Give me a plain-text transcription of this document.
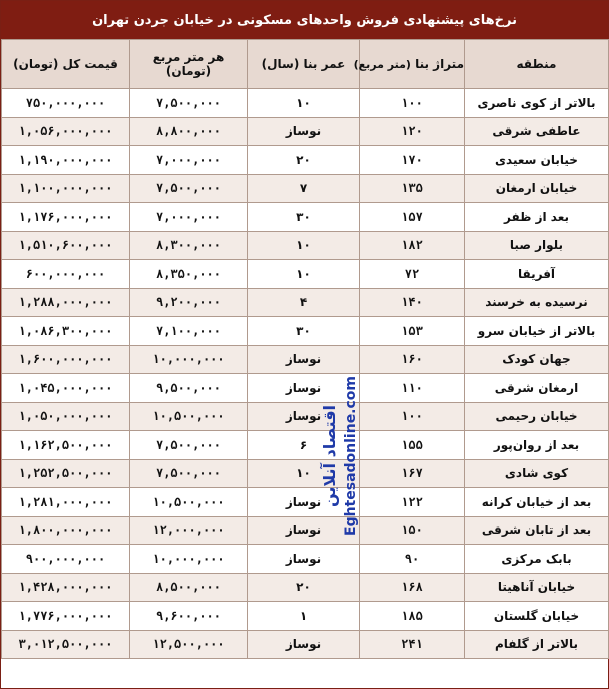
نرخ‌های پیشنهادی فروش واحدهای مسکونی در خیابان جردن تهران
منطقه	متراژ بنا (متر مربع)	عمر بنا (سال)	هر متر مربع
(تومان)	قیمت کل (تومان)
بالاتر از کوی ناصری	۱۰۰	۱۰	۷,۵۰۰,۰۰۰	۷۵۰,۰۰۰,۰۰۰
عاطفی شرقی	۱۲۰	نوساز	۸,۸۰۰,۰۰۰	۱,۰۵۶,۰۰۰,۰۰۰
خیابان سعیدی	۱۷۰	۲۰	۷,۰۰۰,۰۰۰	۱,۱۹۰,۰۰۰,۰۰۰
خیابان ارمغان	۱۳۵	۷	۷,۵۰۰,۰۰۰	۱,۱۰۰,۰۰۰,۰۰۰
بعد از ظفر	۱۵۷	۳۰	۷,۰۰۰,۰۰۰	۱,۱۷۶,۰۰۰,۰۰۰
بلوار صبا	۱۸۲	۱۰	۸,۳۰۰,۰۰۰	۱,۵۱۰,۶۰۰,۰۰۰
آفریقا	۷۲	۱۰	۸,۳۵۰,۰۰۰	۶۰۰,۰۰۰,۰۰۰
نرسیده به خرسند	۱۴۰	۴	۹,۲۰۰,۰۰۰	۱,۲۸۸,۰۰۰,۰۰۰
بالاتر از خیابان سرو	۱۵۳	۳۰	۷,۱۰۰,۰۰۰	۱,۰۸۶,۳۰۰,۰۰۰
جهان کودک	۱۶۰	نوساز	۱۰,۰۰۰,۰۰۰	۱,۶۰۰,۰۰۰,۰۰۰
ارمغان شرقی	۱۱۰	نوساز	۹,۵۰۰,۰۰۰	۱,۰۴۵,۰۰۰,۰۰۰
خیابان رحیمی	۱۰۰	نوساز	۱۰,۵۰۰,۰۰۰	۱,۰۵۰,۰۰۰,۰۰۰
بعد از روان‌پور	۱۵۵	۶	۷,۵۰۰,۰۰۰	۱,۱۶۲,۵۰۰,۰۰۰
کوی شادی	۱۶۷	۱۰	۷,۵۰۰,۰۰۰	۱,۲۵۲,۵۰۰,۰۰۰
بعد از خیابان کرانه	۱۲۲	نوساز	۱۰,۵۰۰,۰۰۰	۱,۲۸۱,۰۰۰,۰۰۰
بعد از تابان شرقی	۱۵۰	نوساز	۱۲,۰۰۰,۰۰۰	۱,۸۰۰,۰۰۰,۰۰۰
بابک مرکزی	۹۰	نوساز	۱۰,۰۰۰,۰۰۰	۹۰۰,۰۰۰,۰۰۰
خیابان آناهیتا	۱۶۸	۲۰	۸,۵۰۰,۰۰۰	۱,۴۲۸,۰۰۰,۰۰۰
خیابان گلستان	۱۸۵	۱	۹,۶۰۰,۰۰۰	۱,۷۷۶,۰۰۰,۰۰۰
بالاتر از گلفام	۲۴۱	نوساز	۱۲,۵۰۰,۰۰۰	۳,۰۱۲,۵۰۰,۰۰۰
اقتصاد آنلاین Eghtesadonline.com
